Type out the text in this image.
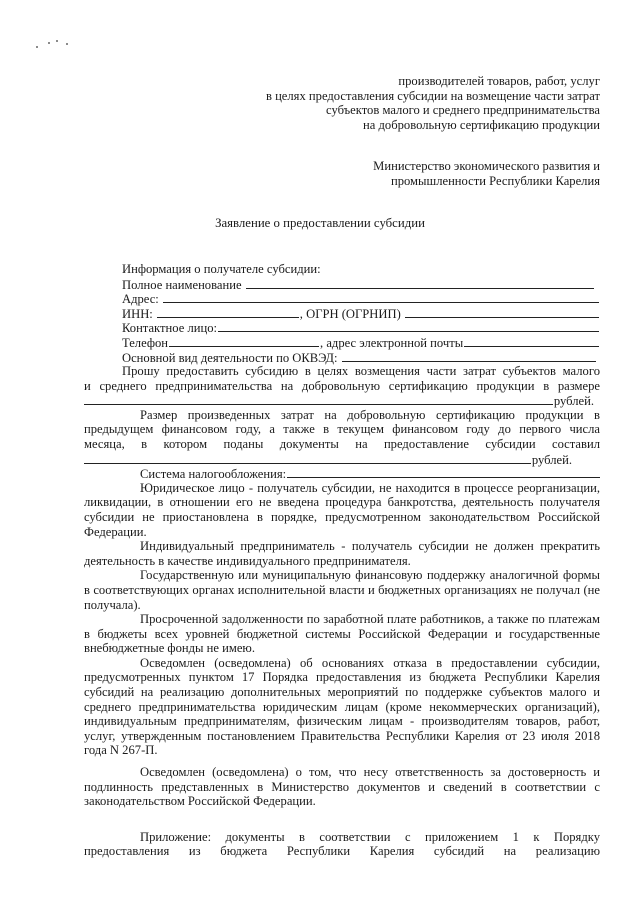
производителей товаров, работ, услуг
в целях предоставления субсидии на возмещение части затрат
субъектов малого и среднего предпринимательства
на добровольную сертификацию продукции
Министерство экономического развития и
промышленности Республики Карелия
Заявление о предоставлении субсидии
Информация о получателе субсидии:
Полное наименование
Адрес:
ИНН:	, ОГРН (ОГРНИП)
Контактное лицо:
Телефон	, адрес электронной почты
Основной вид деятельности по ОКВЭД:
Прошу предоставить субсидию в целях возмещения части затрат субъектов малого
и среднего предпринимательства на добровольную сертификацию продукции в размере
рублей.
Размер произведенных затрат на добровольную сертификацию продукции в
предыдущем финансовом году, а также в текущем финансовом году до первого числа
месяца, в котором поданы документы на предоставление субсидии составил
рублей.
Система налогообложения:

Юридическое лицо - получатель субсидии, не находится в процессе реорганизации, ликвидации, в отношении его не введена процедура банкротства, деятельность получателя субсидии не приостановлена в порядке, предусмотренном законодательством Российской Федерации.

Индивидуальный предприниматель - получатель субсидии не должен прекратить деятельность в качестве индивидуального предпринимателя.

Государственную или муниципальную финансовую поддержку аналогичной формы в соответствующих органах исполнительной власти и бюджетных организациях не получал (не получала).

Просроченной задолженности по заработной плате работников, а также по платежам в бюджеты всех уровней бюджетной системы Российской Федерации и государственные внебюджетные фонды не имею.

Осведомлен (осведомлена) об основаниях отказа в предоставлении субсидии, предусмотренных пунктом 17 Порядка предоставления из бюджета Республики Карелия субсидий на реализацию дополнительных мероприятий по поддержке субъектов малого и среднего предпринимательства юридическим лицам (кроме некоммерческих организаций), индивидуальным предпринимателям, физическим лицам - производителям товаров, работ, услуг, утвержденным постановлением Правительства Республики Карелия от 23 июля 2018 года N 267-П.

Осведомлен (осведомлена) о том, что несу ответственность за достоверность и подлинность представленных в Министерство документов и сведений в соответствии с законодательством Российской Федерации.

Приложение: документы в соответствии с приложением 1 к Порядку
предоставления из бюджета Республики Карелия субсидий на реализацию
